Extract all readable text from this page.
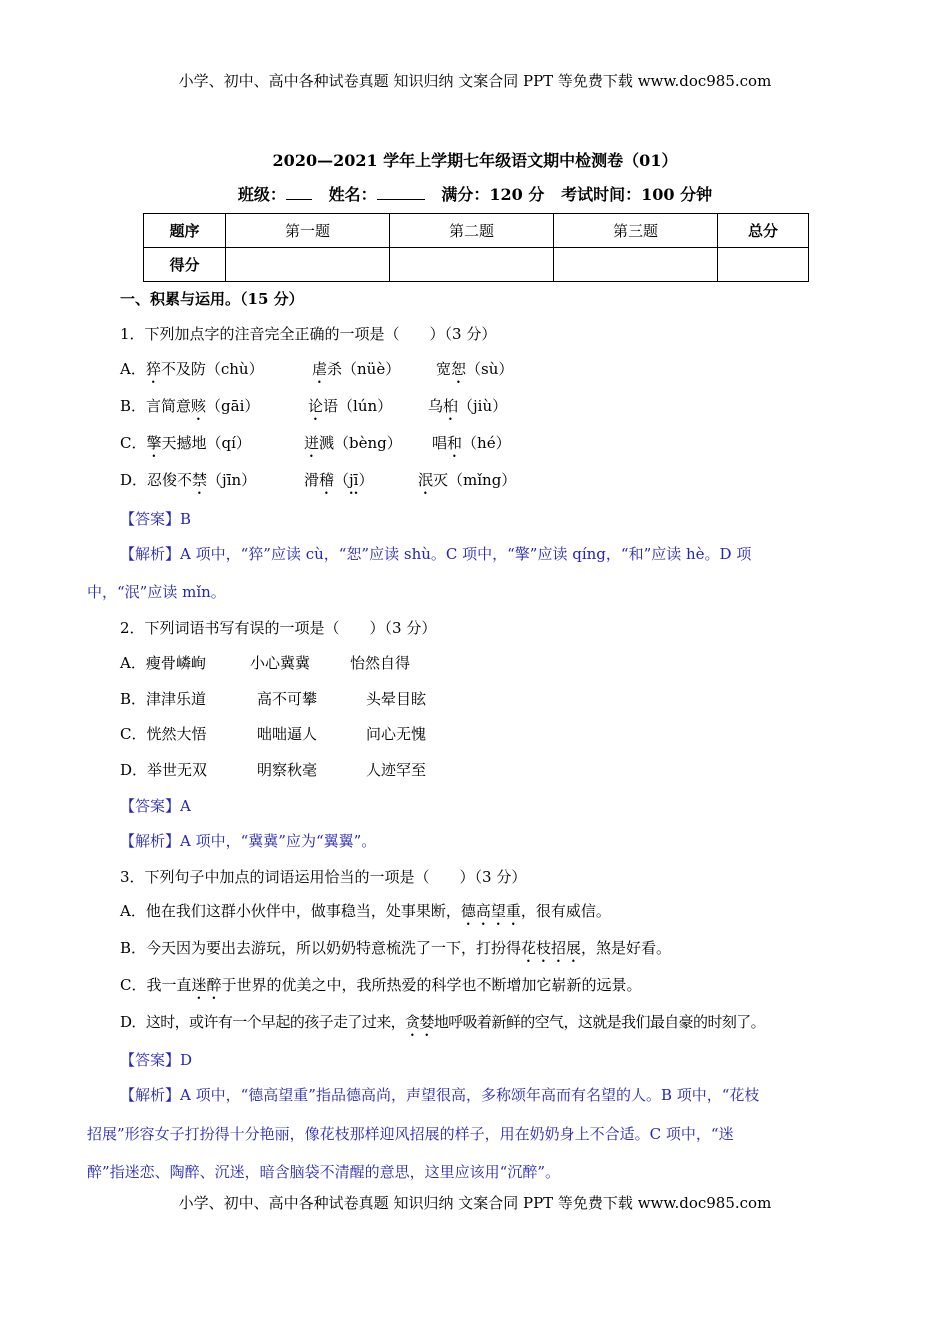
小学、初中、高中各种试卷真题 知识归纳 文案合同 PPT 等免费下载 www.doc985.com
2020—2021 学年上学期七年级语文期中检测卷（01）
班级：	姓名：	满分：120 分 考试时间：100 分钟
题序	第一题	第二题	第三题	总分
得分				
一、积累与运用。（15 分）
1．下列加点字的注音完全正确的一项是（　　）（3 分）
A．猝不及防（chù）	虐杀（nüè） 宽恕（sù）
B．言简意赅（gāi）	论语（lún） 乌桕（jiù）
C．擎天撼地（qí）	迸溅（bèng） 唱和（hé）
D．忍俊不禁（jīn）	滑稽（jī）	泯灭（mǐng）
【答案】B
【解析】A 项中，“猝”应读 cù，“恕”应读 shù。C 项中，“擎”应读 qíng，“和”应读 hè。D 项
中，“泯”应读 mǐn。
2．下列词语书写有误的一项是（　　）（3 分）
A．瘦骨嶙峋	小心冀冀	怡然自得
B．津津乐道	高不可攀	头晕目眩
C．恍然大悟	咄咄逼人	问心无愧
D．举世无双	明察秋毫	人迹罕至
【答案】A
【解析】A 项中，“冀冀”应为“翼翼”。
3．下列句子中加点的词语运用恰当的一项是（　　）（3 分）
A．他在我们这群小伙伴中，做事稳当，处事果断，德高望重，很有威信。
B．今天因为要出去游玩，所以奶奶特意梳洗了一下，打扮得花枝招展，煞是好看。
C．我一直迷醉于世界的优美之中，我所热爱的科学也不断增加它崭新的远景。
D．这时，或许有一个早起的孩子走了过来，贪婪地呼吸着新鲜的空气，这就是我们最自豪的时刻了。
【答案】D
【解析】A 项中，“德高望重”指品德高尚，声望很高，多称颂年高而有名望的人。B 项中，“花枝
招展”形容女子打扮得十分艳丽，像花枝那样迎风招展的样子，用在奶奶身上不合适。C 项中，“迷
醉”指迷恋、陶醉、沉迷，暗含脑袋不清醒的意思，这里应该用“沉醉”。
小学、初中、高中各种试卷真题 知识归纳 文案合同 PPT 等免费下载 www.doc985.com
